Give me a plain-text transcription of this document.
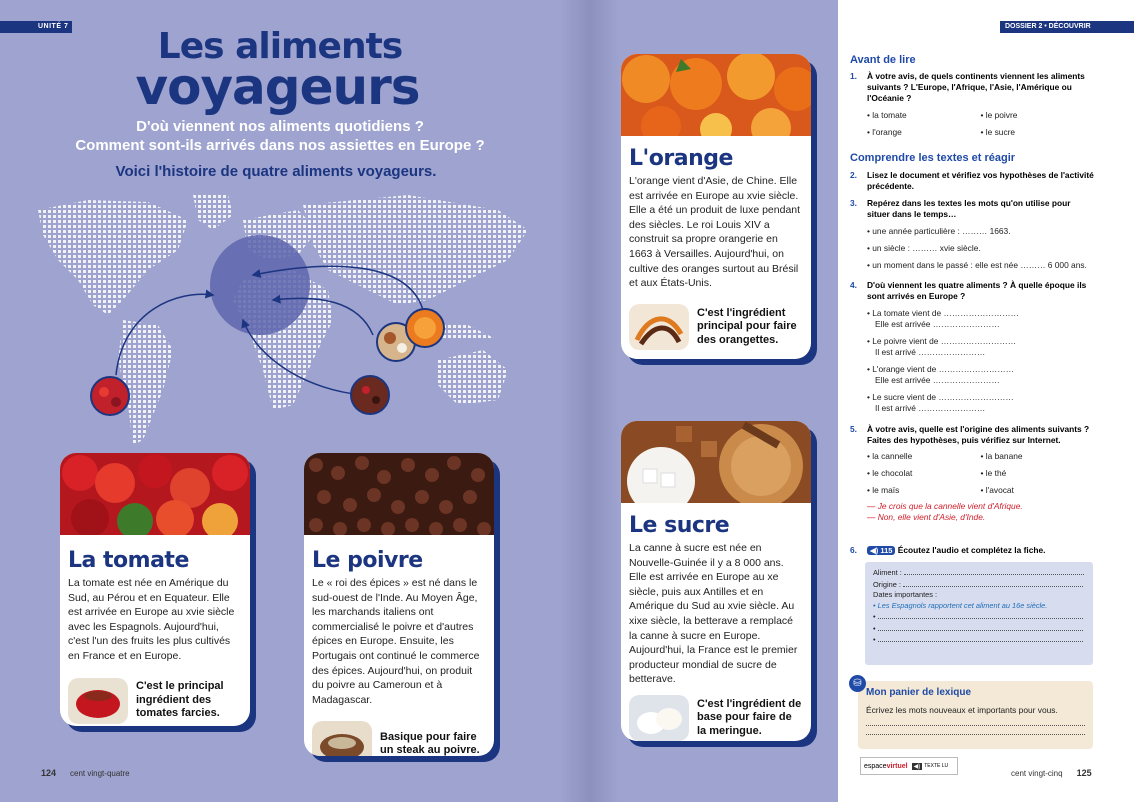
UNITÉ 7	DOSSIER 2 • DÉCOUVRIR
Les aliments
voyageurs
D'où viennent nos aliments quotidiens ?
Comment sont-ils arrivés dans nos assiettes en Europe ?
Voici l'histoire de quatre aliments voyageurs.
La tomate

La tomate est née en Amérique du Sud, au Pérou et en Equateur. Elle est arrivée en Europe au xvie siècle avec les Espagnols. Aujourd'hui, c'est l'un des fruits les plus cultivés en France et en Europe.

C'est le principal ingrédient des tomates farcies.
Le poivre

Le « roi des épices » est né dans le sud-ouest de l'Inde. Au Moyen Âge, les marchands italiens ont commercialisé le poivre et d'autres épices en Europe. Ensuite, les Portugais ont continué le commerce des épices. Aujourd'hui, on produit du poivre au Cameroun et à Madagascar.

Basique pour faire un steak au poivre.
L'orange

L'orange vient d'Asie, de Chine. Elle est arrivée en Europe au xvie siècle. Elle a été un produit de luxe pendant des siècles. Le roi Louis XIV a construit sa propre orangerie en 1663 à Versailles. Aujourd'hui, on cultive des oranges surtout au Brésil et aux États-Unis.

C'est l'ingrédient principal pour faire des orangettes.
Le sucre

La canne à sucre est née en Nouvelle-Guinée il y a 8 000 ans. Elle est arrivée en Europe au xe siècle, puis aux Antilles et en Amérique du Sud au xvie siècle. Au xixe siècle, la betterave a remplacé la canne à sucre en Europe. Aujourd'hui, la France est le premier producteur mondial de sucre de betterave.

C'est l'ingrédient de base pour faire de la meringue.
124 cent vingt-quatre	cent vingt-cinq 125
Avant de lire
1. À votre avis, de quels continents viennent les aliments suivants ? L'Europe, l'Afrique, l'Asie, l'Amérique ou l'Océanie ?
• la tomate	• le poivre
• l'orange	• le sucre
Comprendre les textes et réagir
2. Lisez le document et vérifiez vos hypothèses de l'activité précédente.
3. Repérez dans les textes les mots qu'on utilise pour situer dans le temps…
• une année particulière : ……… 1663.
• un siècle : ……… xvie siècle.
• un moment dans le passé : elle est née ……… 6 000 ans.
4. D'où viennent les quatre aliments ? À quelle époque ils sont arrivés en Europe ?
• La tomate vient de ………………………
Elle est arrivée ……………………
• Le poivre vient de ………………………
Il est arrivé ……………………
• L'orange vient de ………………………
Elle est arrivée ……………………
• Le sucre vient de ………………………
Il est arrivé ……………………
5. À votre avis, quelle est l'origine des aliments suivants ? Faites des hypothèses, puis vérifiez sur Internet.
• la cannelle	• la banane
• le chocolat	• le thé
• le maïs	• l'avocat
— Je crois que la cannelle vient d'Afrique.
— Non, elle vient d'Asie, d'Inde.
6.	◀) 115 Écoutez l'audio et complétez la fiche.
Aliment :
Origine :
Dates importantes :
• Les Espagnols rapportent cet aliment au 16e siècle.
•
•
•
Mon panier de lexique

Écrivez les mots nouveaux et importants pour vous.

⛁
espace virtuel	◀) TEXTE LU
